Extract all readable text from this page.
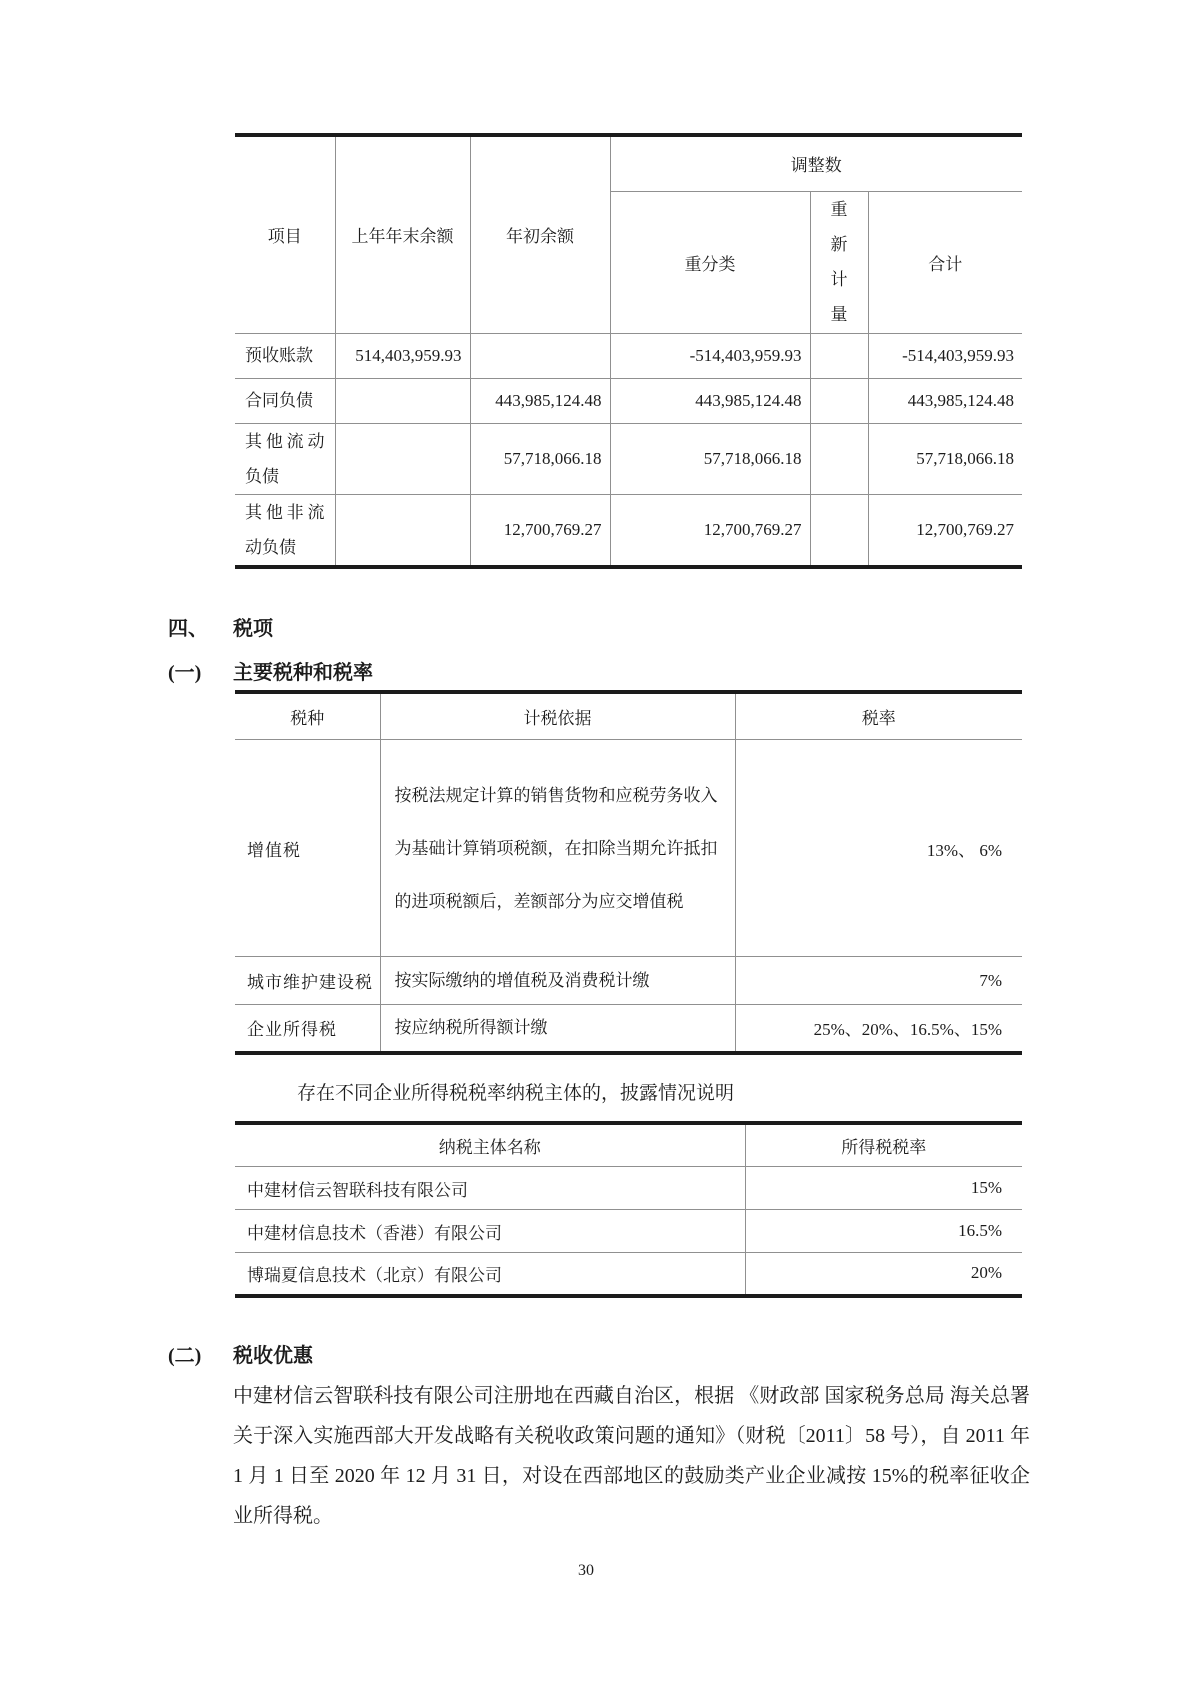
项目	上年年末余额	年初余额	调整数		
			重分类	重新计量	合计
预收账款	514,403,959.93		-514,403,959.93		-514,403,959.93
合同负债		443,985,124.48	443,985,124.48		443,985,124.48
其他流动负债		57,718,066.18	57,718,066.18		57,718,066.18
其他非流动负债		12,700,769.27	12,700,769.27		12,700,769.27
四、	税项
(一)	主要税种和税率
税种	计税依据	税率
增值税	按税法规定计算的销售货物和应税劳务收入为基础计算销项税额，在扣除当期允许抵扣的进项税额后，差额部分为应交增值税	13%、 6%
城市维护建设税	按实际缴纳的增值税及消费税计缴	7%
企业所得税	按应纳税所得额计缴	25%、20%、16.5%、15%
存在不同企业所得税税率纳税主体的，披露情况说明
纳税主体名称	所得税税率
中建材信云智联科技有限公司	15%
中建材信息技术（香港）有限公司	16.5%
博瑞夏信息技术（北京）有限公司	20%
(二)	税收优惠

中建材信云智联科技有限公司注册地在西藏自治区，根据 《财政部 国家税务总局 海关总署 关于深入实施西部大开发战略有关税收政策问题的通知》（财税〔2011〕58 号），自 2011 年 1 月 1 日至 2020 年 12 月 31 日，对设在西部地区的鼓励类产业企业减按 15%的税率征收企业所得税。

30
